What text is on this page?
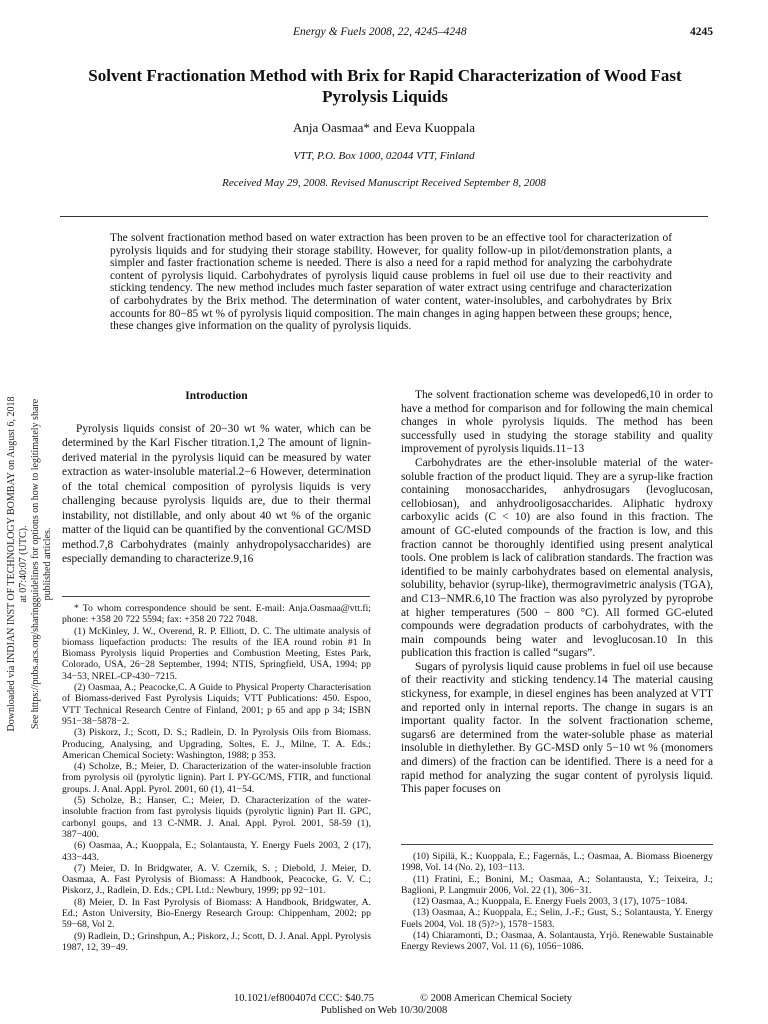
Energy & Fuels 2008, 22, 4245–4248	4245
Downloaded via INDIAN INST OF TECHNOLOGY BOMBAY on August 6, 2018 at 07:40:07 (UTC). See https://pubs.acs.org/sharingguidelines for options on how to legitimately share published articles.
Solvent Fractionation Method with Brix for Rapid Characterization of Wood Fast Pyrolysis Liquids
Anja Oasmaa* and Eeva Kuoppala
VTT, P.O. Box 1000, 02044 VTT, Finland
Received May 29, 2008. Revised Manuscript Received September 8, 2008
The solvent fractionation method based on water extraction has been proven to be an effective tool for characterization of pyrolysis liquids and for studying their storage stability. However, for quality follow-up in pilot/demonstration plants, a simpler and faster fractionation scheme is needed. There is also a need for a rapid method for analyzing the carbohydrate content of pyrolysis liquid. Carbohydrates of pyrolysis liquid cause problems in fuel oil use due to their reactivity and sticking tendency. The new method includes much faster separation of water extract using centrifuge and characterization of carbohydrates by the Brix method. The determination of water content, water-insolubles, and carbohydrates by Brix accounts for 80−85 wt % of pyrolysis liquid composition. The main changes in aging happen between these groups; hence, these changes give information on the quality of pyrolysis liquids.
Introduction

Pyrolysis liquids consist of 20−30 wt % water, which can be determined by the Karl Fischer titration.1,2 The amount of lignin-derived material in the pyrolysis liquid can be measured by water extraction as water-insoluble material.2−6 However, determination of the total chemical composition of pyrolysis liquids is very challenging because pyrolysis liquids are, due to their thermal instability, not distillable, and only about 40 wt % of the organic matter of the liquid can be quantified by the conventional GC/MSD method.7,8 Carbohydrates (mainly anhydropolysaccharides) are especially demanding to characterize.9,16

* To whom correspondence should be sent. E-mail: Anja.Oasmaa@vtt.fi; phone: +358 20 722 5594; fax: +358 20 722 7048.
(1) McKinley, J. W., Overend, R. P. Elliott, D. C. The ultimate analysis of biomass liquefaction products: The results of the IEA round robin #1 In Biomass Pyrolysis liquid Properties and Combustion Meeting, Estes Park, Colorado, USA, 26−28 September, 1994; NTIS, Springfield, USA, 1994; pp 34−53, NREL-CP-430−7215.
(2) Oasmaa, A.; Peacocke,C. A Guide to Physical Property Characterisation of Biomass-derived Fast Pyrolysis Liquids; VTT Publications: 450. Espoo, VTT Technical Research Centre of Finland, 2001; p 65 and app p 34; ISBN 951−38−5878−2.
(3) Piskorz, J.; Scott, D. S.; Radlein, D. In Pyrolysis Oils from Biomass. Producing, Analysing, and Upgrading, Soltes, E. J., Milne, T. A. Eds.; American Chemical Society: Washington, 1988; p 353.
(4) Scholze, B.; Meier, D. Characterization of the water-insoluble fraction from pyrolysis oil (pyrolytic lignin). Part I. PY-GC/MS, FTIR, and functional groups. J. Anal. Appl. Pyrol. 2001, 60 (1), 41−54.
(5) Scholze, B.; Hanser, C.; Meier, D. Characterization of the water-insoluble fraction from fast pyrolysis liquids (pyrolytic lignin) Part II. GPC, carbonyl goups, and 13 C-NMR. J. Anal. Appl. Pyrol. 2001, 58-59 (1), 387−400.
(6) Oasmaa, A.; Kuoppala, E.; Solantausta, Y. Energy Fuels 2003, 2 (17), 433−443.
(7) Meier, D. In Bridgwater, A. V. Czernik, S. ; Diebold, J. Meier, D. Oasmaa, A. Fast Pyrolysis of Biomass: A Handbook, Peacocke, G. V. C.; Piskorz, J., Radlein, D. Eds.; CPL Ltd.: Newbury, 1999; pp 92−101.
(8) Meier, D. In Fast Pyrolysis of Biomass: A Handbook, Bridgwater, A. Ed.; Aston University, Bio-Energy Research Group: Chippenham, 2002; pp 59−68, Vol 2.
(9) Radlein, D.; Grinshpun, A.; Piskorz, J.; Scott, D. J. Anal. Appl. Pyrolysis 1987, 12, 39−49.

The solvent fractionation scheme was developed6,10 in order to have a method for comparison and for following the main chemical changes in whole pyrolysis liquids. The method has been successfully used in studying the storage stability and quality improvement of pyrolysis liquids.11−13

Carbohydrates are the ether-insoluble material of the water-soluble fraction of the product liquid. They are a syrup-like fraction containing monosaccharides, anhydrosugars (levoglucosan, cellobiosan), and anhydrooligosaccharides. Aliphatic hydroxy carboxylic acids (C < 10) are also found in this fraction. The amount of GC-eluted compounds of the fraction is low, and this fraction cannot be thoroughly identified using present analytical tools. One problem is lack of calibration standards. The fraction was identified to be mainly carbohydrates based on elemental analysis, solubility, behavior (syrup-like), thermogravimetric analysis (TGA), and C13−NMR.6,10 The fraction was also pyrolyzed by pyroprobe at higher temperatures (500 − 800 °C). All formed GC-eluted compounds were degradation products of carbohydrates, with the main compounds being water and levoglucosan.10 In this publication this fraction is called “sugars”.

Sugars of pyrolysis liquid cause problems in fuel oil use because of their reactivity and sticking tendency.14 The material causing stickyness, for example, in diesel engines has been analyzed at VTT and reported only in internal reports. The change in sugars is an important quality factor. In the solvent fractionation scheme, sugars6 are determined from the water-soluble phase as material insoluble in diethylether. By GC-MSD only 5−10 wt % (monomers and dimers) of the fraction can be identified. There is a need for a rapid method for analyzing the sugar content of pyrolysis liquid. This paper focuses on

(10) Sipilä, K.; Kuoppala, E.; Fagernäs, L.; Oasmaa, A. Biomass Bioenergy 1998, Vol. 14 (No. 2), 103−113.
(11) Fratini, E.; Bonini, M.; Oasmaa, A.; Solantausta, Y.; Teixeira, J.; Baglioni, P. Langmuir 2006, Vol. 22 (1), 306−31.
(12) Oasmaa, A.; Kuoppala, E. Energy Fuels 2003, 3 (17), 1075−1084.
(13) Oasmaa, A.; Kuoppala, E.; Selin, J.-F.; Gust, S.; Solantausta, Y. Energy Fuels 2004, Vol. 18 (5)?>), 1578−1583.
(14) Chiaramonti, D.; Oasmaa, A. Solantausta, Yrjö. Renewable Sustainable Energy Reviews 2007, Vol. 11 (6), 1056−1086.
10.1021/ef800407d CCC: $40.75	© 2008 American Chemical Society
Published on Web 10/30/2008
